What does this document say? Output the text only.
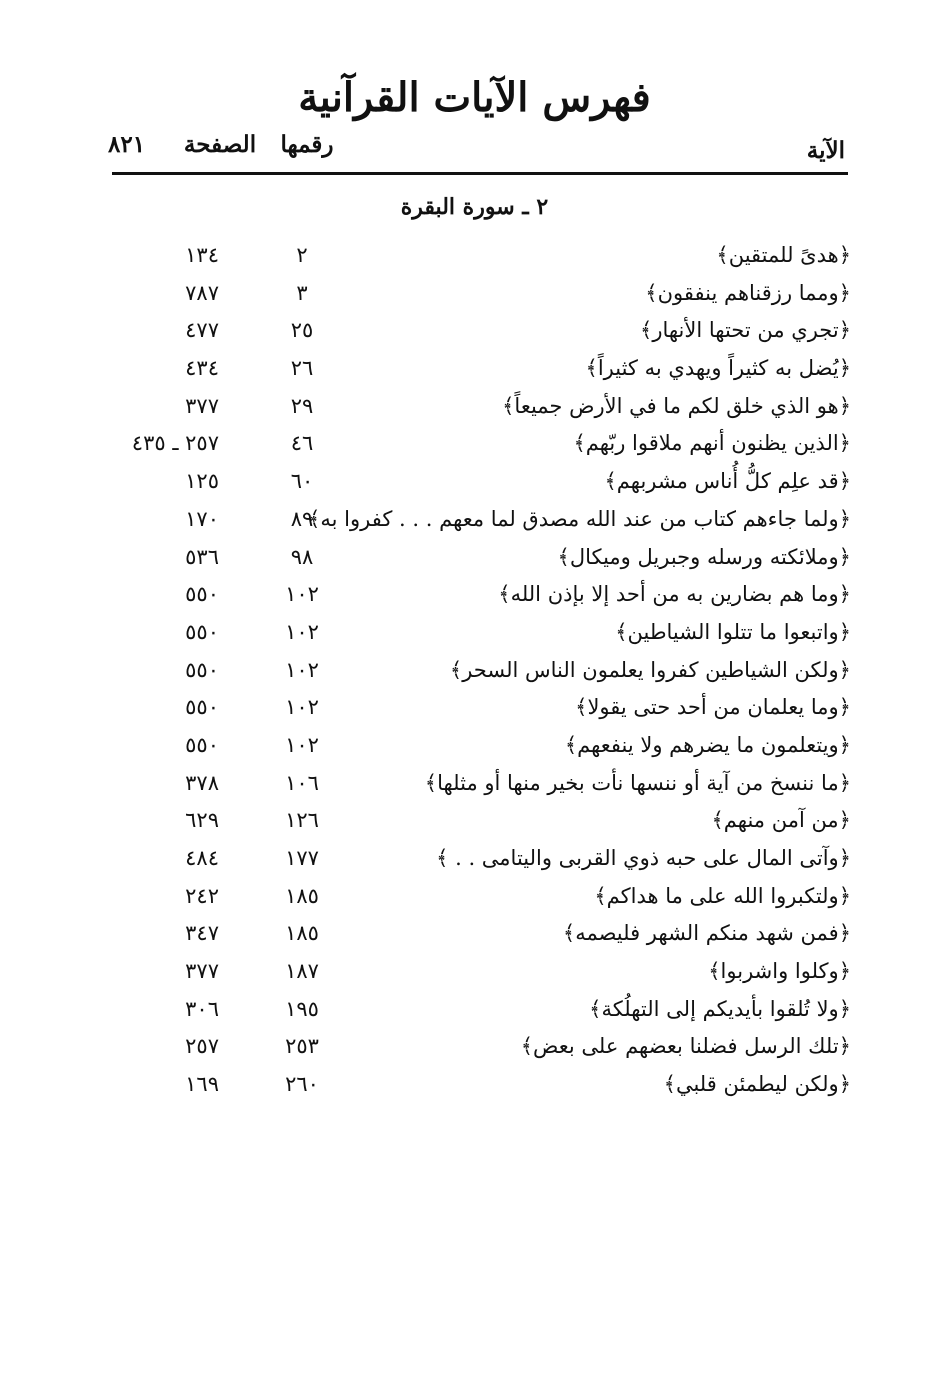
فهرس الآيات القرآنية
الآية
رقمها
الصفحة
٨٢١
٢ ـ سورة البقرة
﴿هدىً للمتقين﴾
٢
١٣٤
﴿ومما رزقناهم ينفقون﴾
٣
٧٨٧
﴿تجري من تحتها الأنهار﴾
٢٥
٤٧٧
﴿يُضل به كثيراً ويهدي به كثيراً﴾
٢٦
٤٣٤
﴿هو الذي خلق لكم ما في الأرض جميعاً﴾
٢٩
٣٧٧
﴿الذين يظنون أنهم ملاقوا ربّهم﴾
٤٦
٢٥٧ ـ ٤٣٥
﴿قد علِم كلُّ أُناس مشربهم﴾
٦٠
١٢٥
﴿ولما جاءهم كتاب من عند الله مصدق لما معهم . . . كفروا به﴾
٨٩
١٧٠
﴿وملائكته ورسله وجبريل وميكال﴾
٩٨
٥٣٦
﴿وما هم بضارين به من أحد إلا بإذن الله﴾
١٠٢
٥٥٠
﴿واتبعوا ما تتلوا الشياطين﴾
١٠٢
٥٥٠
﴿ولكن الشياطين كفروا يعلمون الناس السحر﴾
١٠٢
٥٥٠
﴿وما يعلمان من أحد حتى يقولا﴾
١٠٢
٥٥٠
﴿ويتعلمون ما يضرهم ولا ينفعهم﴾
١٠٢
٥٥٠
﴿ما ننسخ من آية أو ننسها نأت بخير منها أو مثلها﴾
١٠٦
٣٧٨
﴿من آمن منهم﴾
١٢٦
٦٢٩
﴿وآتى المال على حبه ذوي القربى واليتامى . . ﴾
١٧٧
٤٨٤
﴿ولتكبروا الله على ما هداكم﴾
١٨٥
٢٤٢
﴿فمن شهد منكم الشهر فليصمه﴾
١٨٥
٣٤٧
﴿وكلوا واشربوا﴾
١٨٧
٣٧٧
﴿ولا تُلقوا بأيديكم إلى التهلُكة﴾
١٩٥
٣٠٦
﴿تلك الرسل فضلنا بعضهم على بعض﴾
٢٥٣
٢٥٧
﴿ولكن ليطمئن قلبي﴾
٢٦٠
١٦٩
